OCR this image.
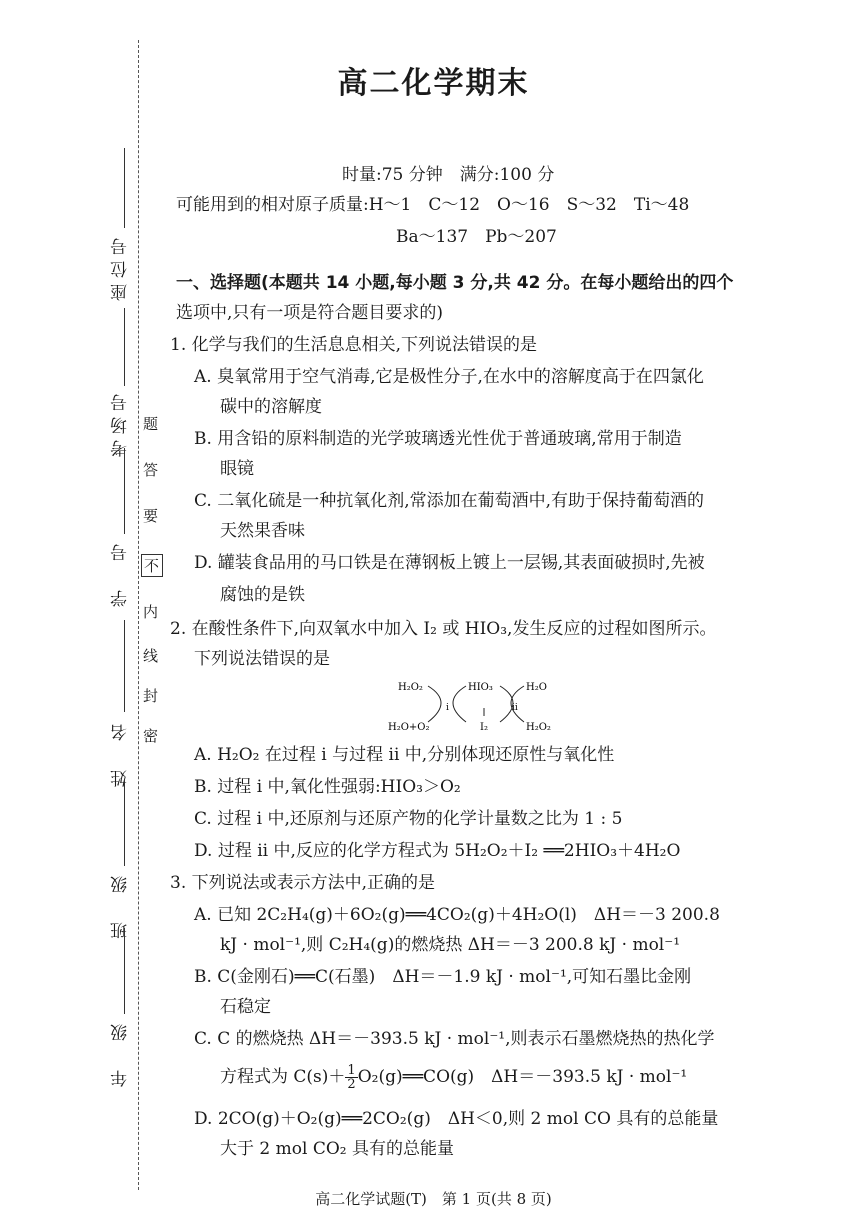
座位号
考场号
学　号
姓　名
班　级
年　级
密
封
线
内
不
要
答
题
高二化学期末
时量:75 分钟　满分:100 分
可能用到的相对原子质量:H～1　C～12　O～16　S～32　Ti～48
Ba～137　Pb～207
一、选择题(本题共 14 小题,每小题 3 分,共 42 分。在每小题给出的四个
选项中,只有一项是符合题目要求的)
1. 化学与我们的生活息息相关,下列说法错误的是
A. 臭氧常用于空气消毒,它是极性分子,在水中的溶解度高于在四氯化
碳中的溶解度
B. 用含铅的原料制造的光学玻璃透光性优于普通玻璃,常用于制造
眼镜
C. 二氧化硫是一种抗氧化剂,常添加在葡萄酒中,有助于保持葡萄酒的
天然果香味
D. 罐装食品用的马口铁是在薄钢板上镀上一层锡,其表面破损时,先被
腐蚀的是铁
2. 在酸性条件下,向双氧水中加入 I₂ 或 HIO₃,发生反应的过程如图所示。
下列说法错误的是
H₂O₂	HIO₃	H₂O
H₂O+O₂	I₂	H₂O₂
i	ii
A. H₂O₂ 在过程 i 与过程 ii 中,分别体现还原性与氧化性
B. 过程 i 中,氧化性强弱:HIO₃＞O₂
C. 过程 i 中,还原剂与还原产物的化学计量数之比为 1 : 5
D. 过程 ii 中,反应的化学方程式为 5H₂O₂＋I₂ ══2HIO₃＋4H₂O
3. 下列说法或表示方法中,正确的是
A. 已知 2C₂H₄(g)＋6O₂(g)══4CO₂(g)＋4H₂O(l)　ΔH＝－3 200.8
kJ · mol⁻¹,则 C₂H₄(g)的燃烧热 ΔH＝－3 200.8 kJ · mol⁻¹
B. C(金刚石)══C(石墨)　ΔH＝－1.9 kJ · mol⁻¹,可知石墨比金刚
石稳定
C. C 的燃烧热 ΔH＝－393.5 kJ · mol⁻¹,则表示石墨燃烧热的热化学
方程式为 $C(s)+ \frac{1}{2}$ O₂(g)══CO(g)　ΔH＝－393.5 kJ · mol⁻¹
D. 2CO(g)＋O₂(g)══2CO₂(g)　ΔH＜0,则 2 mol CO 具有的总能量
大于 2 mol CO₂ 具有的总能量
高二化学试题(T)　第 1 页(共 8 页)
